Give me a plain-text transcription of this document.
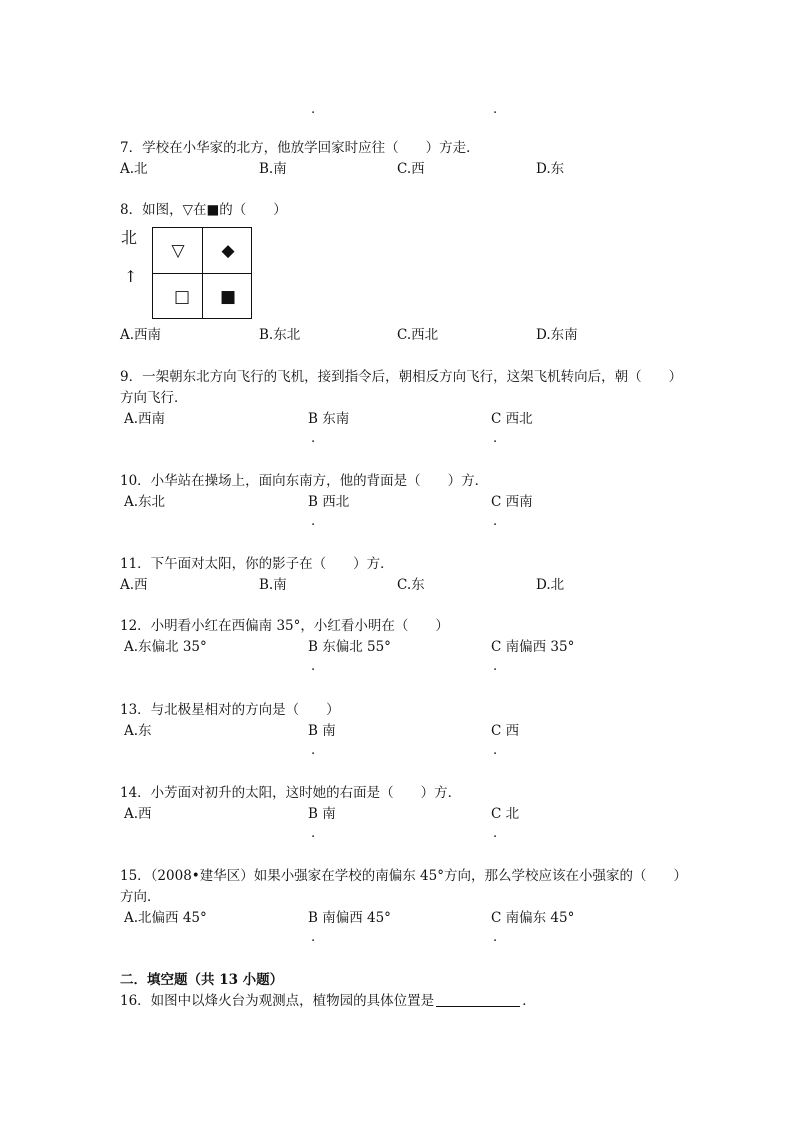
.	.
7．学校在小华家的北方，他放学回家时应往（　　）方走．
A.北	B.南	C.西	D.东
8．如图，▽在■的（　　）
北
↑
▽	◆
□	■
A.西南	B.东北	C.西北	D.东南
9．一架朝东北方向飞行的飞机，接到指令后，朝相反方向飞行，这架飞机转向后，朝（　　）
方向飞行．
A.西南	B 东南	C 西北
.	.
10．小华站在操场上，面向东南方，他的背面是（　　）方．
A.东北	B 西北	C 西南
.	.
11．下午面对太阳，你的影子在（　　）方．
A.西	B.南	C.东	D.北
12．小明看小红在西偏南 35°，小红看小明在（　　）
A.东偏北 35°	B 东偏北 55°	C 南偏西 35°
.	.
13．与北极星相对的方向是（　　）
A.东	B 南	C 西
.	.
14．小芳面对初升的太阳，这时她的右面是（　　）方．
A.西	B 南	C 北
.	.
15．（2008•建华区）如果小强家在学校的南偏东 45°方向，那么学校应该在小强家的（　　）
方向．
A.北偏西 45°	B 南偏西 45°	C 南偏东 45°
.	.
二．填空题（共 13 小题）
16．如图中以烽火台为观测点，植物园的具体位置是	．
